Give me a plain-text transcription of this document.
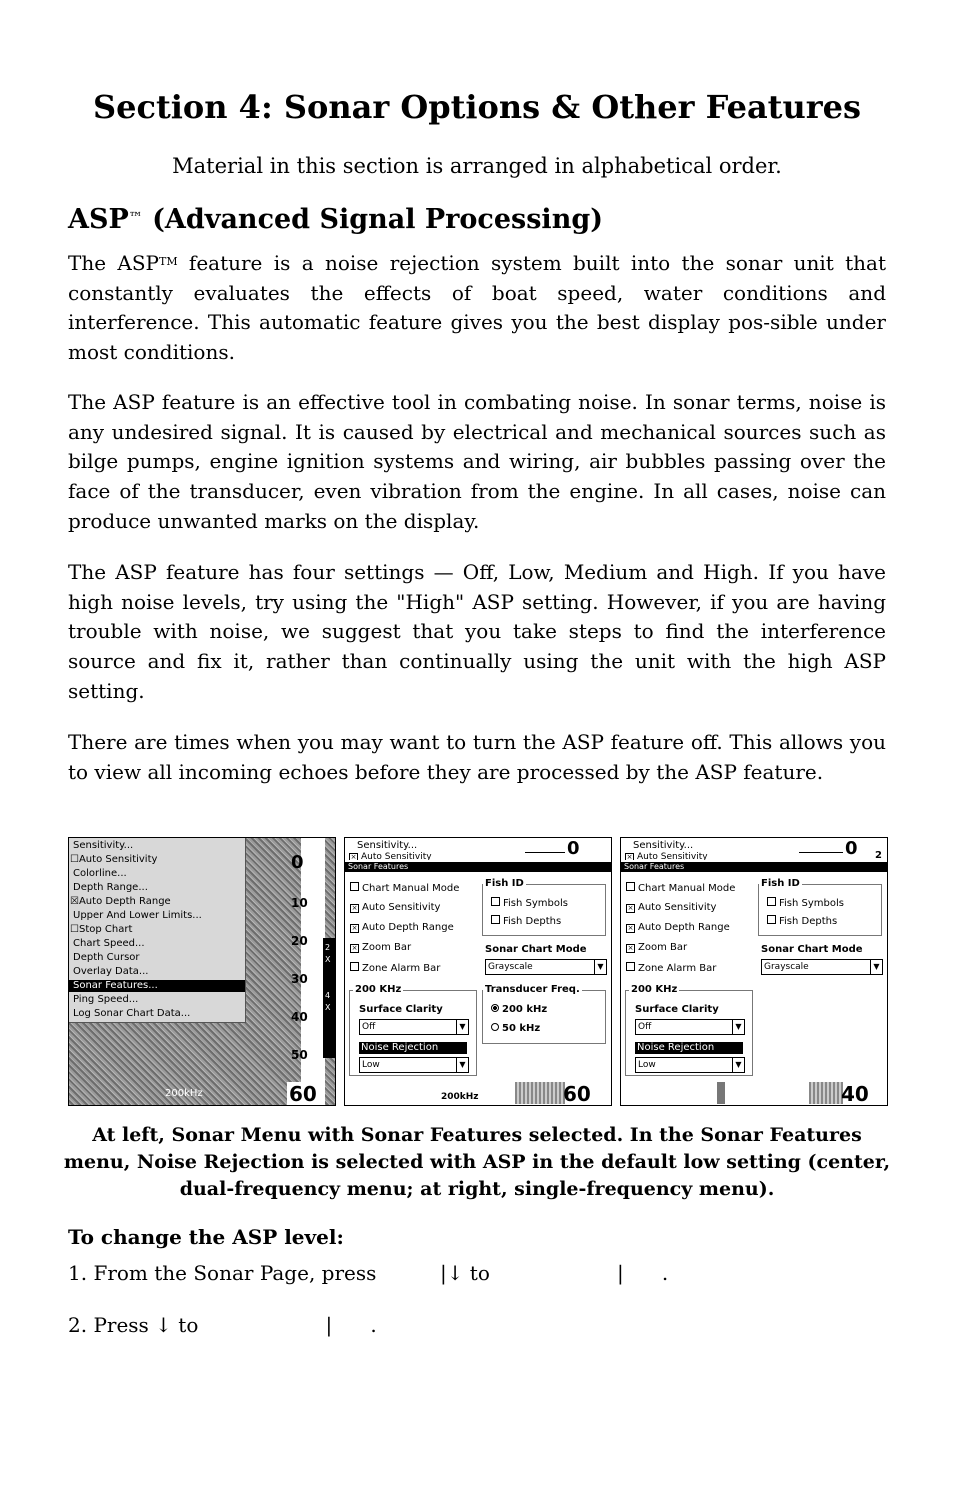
Section 4: Sonar Options & Other Features
Material in this section is arranged in alphabetical order.
ASP™ (Advanced Signal Processing)

The ASP™ feature is a noise rejection system built into the sonar unit that constantly evaluates the effects of boat speed, water conditions and interference. This automatic feature gives you the best display pos-sible under most conditions.

The ASP feature is an effective tool in combating noise. In sonar terms, noise is any undesired signal. It is caused by electrical and mechanical sources such as bilge pumps, engine ignition systems and wiring, air bubbles passing over the face of the transducer, even vibration from the engine. In all cases, noise can produce unwanted marks on the display.

The ASP feature has four settings — Off, Low, Medium and High. If you have high noise levels, try using the "High" ASP setting. However, if you are having trouble with noise, we suggest that you take steps to find the interference source and fix it, rather than continually using the unit with the high ASP setting.

There are times when you may want to turn the ASP feature off. This allows you to view all incoming echoes before they are processed by the ASP feature.

0
10
20
30
40
50
2 X
4 X
200kHz	60
Sensitivity...
☐Auto Sensitivity
Colorline...
Depth Range...
☒Auto Depth Range
Upper And Lower Limits...
☐Stop Chart
Chart Speed...
Depth Cursor
Overlay Data...
Sonar Features...
Ping Speed...
Log Sonar Chart Data...
Sensitivity...
× Auto Sensitivity	0
Sonar Features
Chart Manual Mode
× Auto Sensitivity
× Auto Depth Range
× Zoom Bar
Zone Alarm Bar
Fish ID
Fish Symbols
Fish Depths
Sonar Chart Mode
Grayscale	▼
200 KHz
Surface Clarity
Off	▼
Noise Rejection
Low	▼
Transducer Freq.
200 kHz
50 kHz
200kHz	60
Sensitivity...
× Auto Sensitivity	0 2
Sonar Features
Chart Manual Mode
× Auto Sensitivity
× Auto Depth Range
× Zoom Bar
Zone Alarm Bar
Fish ID
Fish Symbols
Fish Depths
Sonar Chart Mode
Grayscale	▼
200 KHz
Surface Clarity
Off	▼
Noise Rejection
Low	▼
40
At left, Sonar Menu with Sonar Features selected. In the Sonar Features menu, Noise Rejection is selected with ASP in the default low setting (center, dual-frequency menu; at right, single-frequency menu).
To change the ASP level:
1. From the Sonar Page, press          |↓ to                    |      .
2. Press ↓ to                    |      .
